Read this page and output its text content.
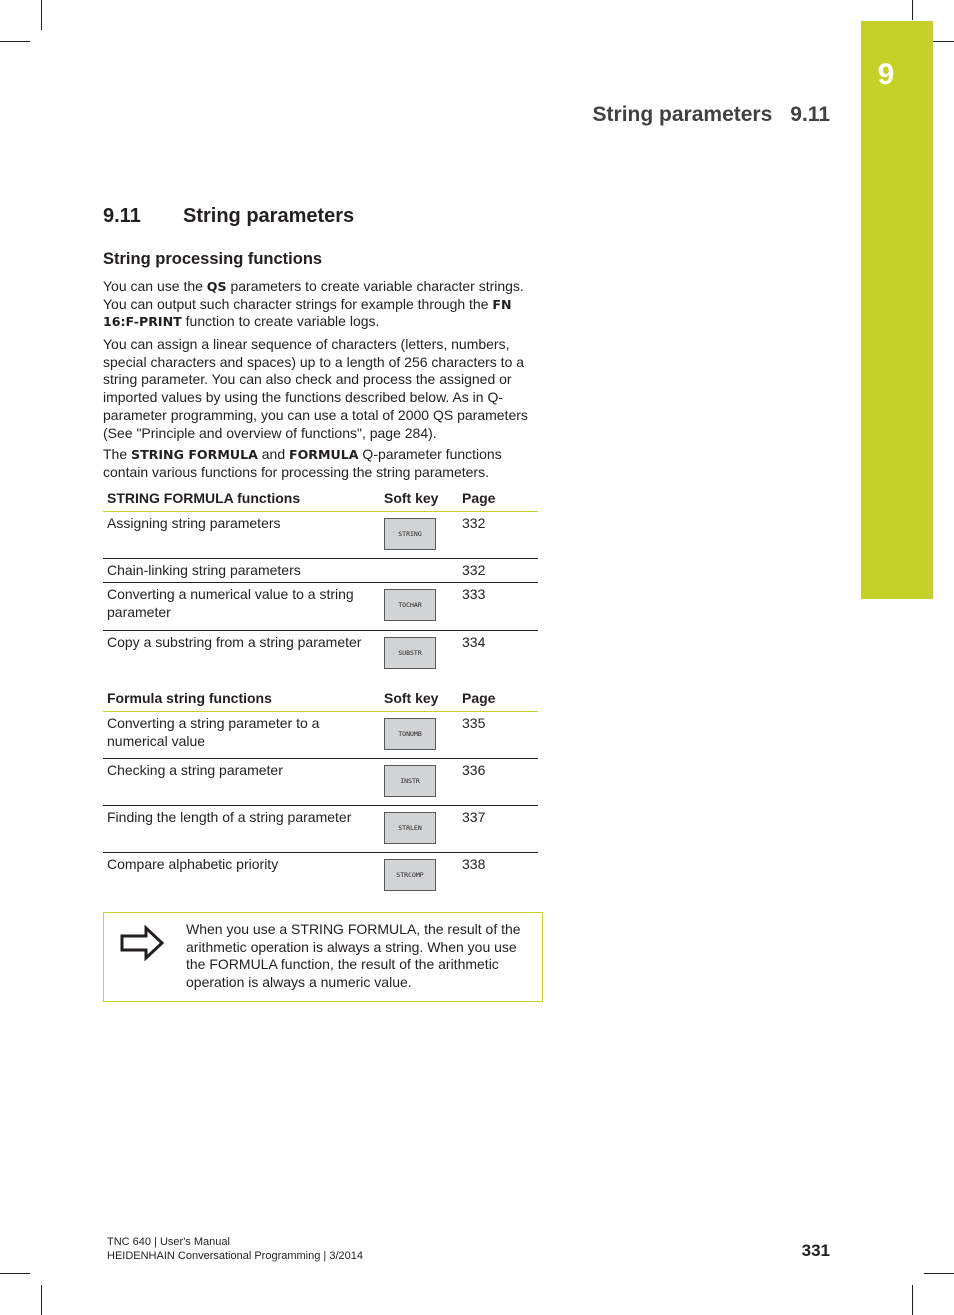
9
String parameters 9.11
9.11 String parameters
String processing functions
You can use the QS parameters to create variable character strings. You can output such character strings for example through the FN 16:F-PRINT function to create variable logs.
You can assign a linear sequence of characters (letters, numbers, special characters and spaces) up to a length of 256 characters to a string parameter. You can also check and process the assigned or imported values by using the functions described below. As in Q-parameter programming, you can use a total of 2000 QS parameters (See "Principle and overview of functions", page 284).
The STRING FORMULA and FORMULA Q-parameter functions contain various functions for processing the string parameters.
STRING FORMULA functions	Soft key	Page
Assigning string parameters	STRING	332
Chain-linking string parameters		332
Converting a numerical value to a string parameter	TOCHAR	333
Copy a substring from a string parameter	SUBSTR	334
Formula string functions	Soft key	Page
Converting a string parameter to a numerical value	TONUMB	335
Checking a string parameter	INSTR	336
Finding the length of a string parameter	STRLEN	337
Compare alphabetic priority	STRCOMP	338
When you use a STRING FORMULA, the result of the arithmetic operation is always a string. When you use the FORMULA function, the result of the arithmetic operation is always a numeric value.
TNC 640 | User's Manual
HEIDENHAIN Conversational Programming | 3/2014	331
